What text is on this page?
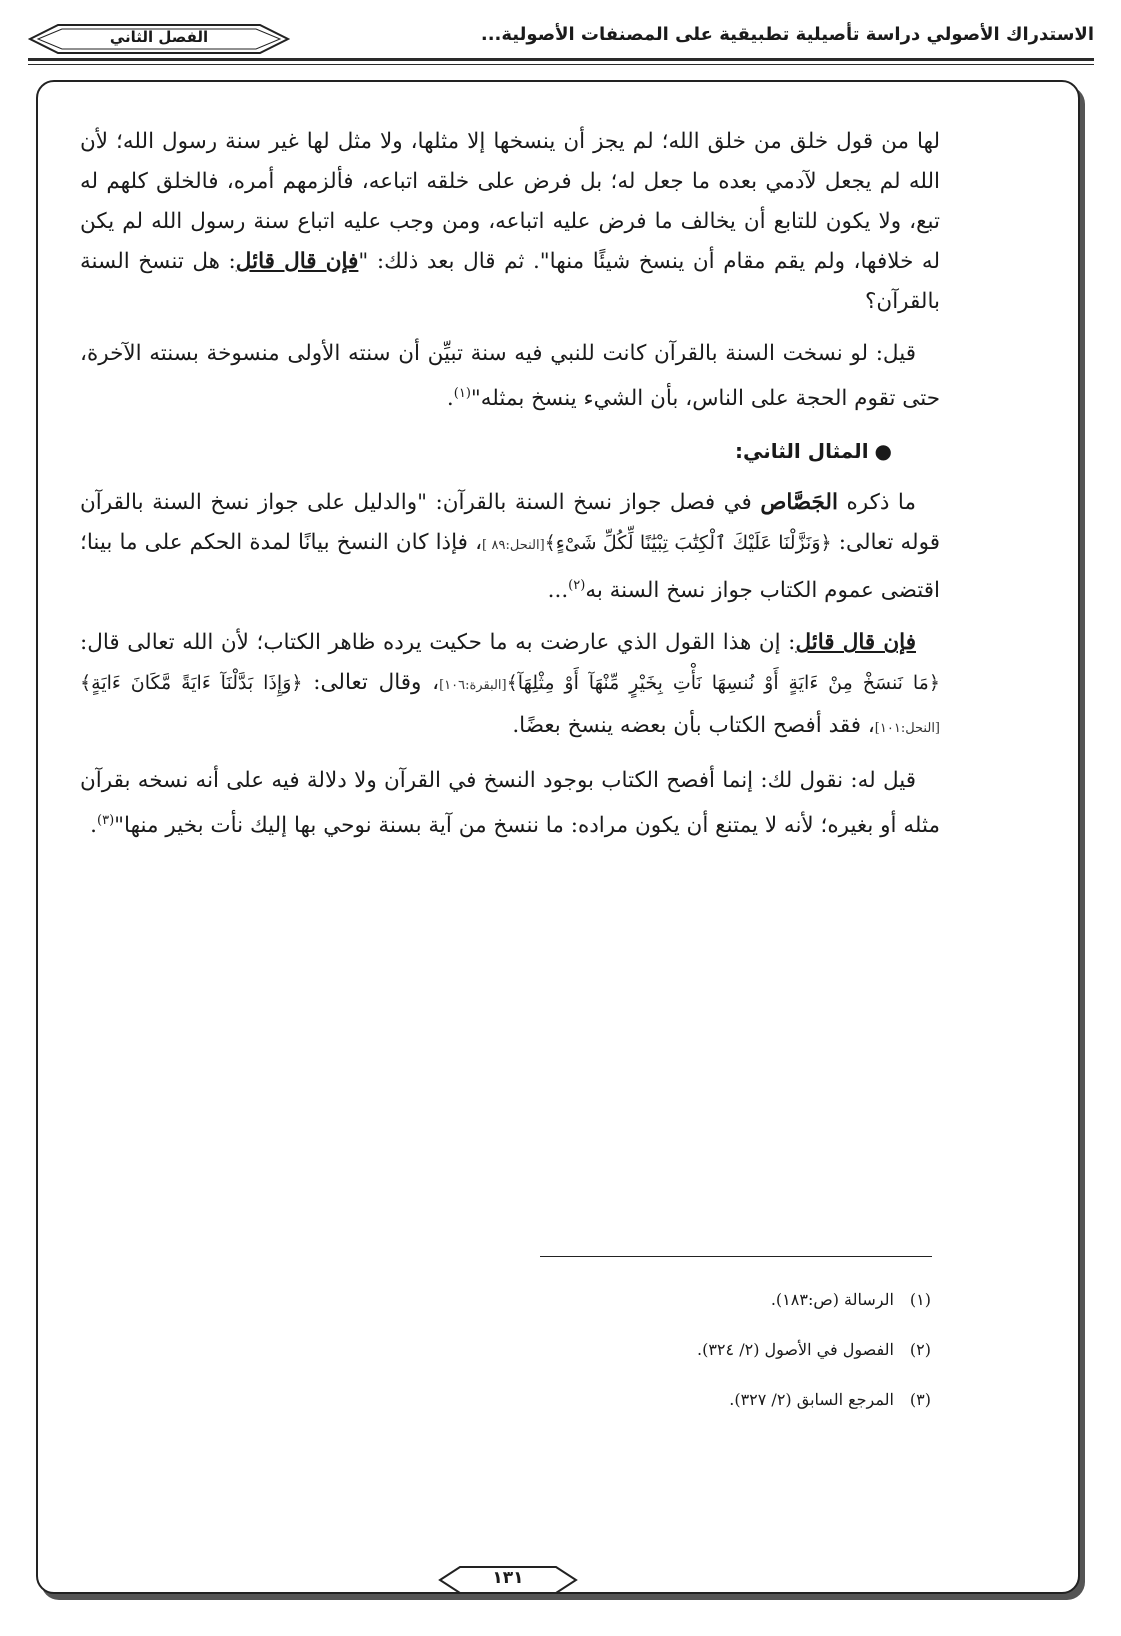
الاستدراك الأصولي دراسة تأصيلية تطبيقية على المصنفات الأصولية...
الفصل الثاني

لها من قول خلق من خلق الله؛ لم يجز أن ينسخها إلا مثلها، ولا مثل لها غير سنة رسول الله؛ لأن الله لم يجعل لآدمي بعده ما جعل له؛ بل فرض على خلقه اتباعه، فألزمهم أمره، فالخلق كلهم له تبع، ولا يكون للتابع أن يخالف ما فرض عليه اتباعه، ومن وجب عليه اتباع سنة رسول الله لم يكن له خلافها، ولم يقم مقام أن ينسخ شيئًا منها". ثم قال بعد ذلك: "فإن قال قائل: هل تنسخ السنة بالقرآن؟

قيل: لو نسخت السنة بالقرآن كانت للنبي فيه سنة تبيِّن أن سنته الأولى منسوخة بسنته الآخرة، حتى تقوم الحجة على الناس، بأن الشيء ينسخ بمثله"$^{(١)}$.

●المثال الثاني:

ما ذكره الجَصَّاص في فصل جواز نسخ السنة بالقرآن: "والدليل على جواز نسخ السنة بالقرآن قوله تعالى: ﴿وَنَزَّلْنَا عَلَيْكَ ٱلْكِتَٰبَ تِبْيَٰنًا لِّكُلِّ شَىْءٍ﴾[النحل:٨٩ ]، فإذا كان النسخ بيانًا لمدة الحكم على ما بينا؛ اقتضى عموم الكتاب جواز نسخ السنة به$^{(٢)}$...

فإن قال قائل: إن هذا القول الذي عارضت به ما حكيت يرده ظاهر الكتاب؛ لأن الله تعالى قال: ﴿مَا نَنسَخْ مِنْ ءَايَةٍ أَوْ نُنسِهَا نَأْتِ بِخَيْرٍ مِّنْهَآ أَوْ مِثْلِهَآ﴾[البقرة:١٠٦]، وقال تعالى: ﴿وَإِذَا بَدَّلْنَآ ءَايَةً مَّكَانَ ءَايَةٍ﴾[النحل:١٠١]، فقد أفصح الكتاب بأن بعضه ينسخ بعضًا.

قيل له: نقول لك: إنما أفصح الكتاب بوجود النسخ في القرآن ولا دلالة فيه على أنه نسخه بقرآن مثله أو بغيره؛ لأنه لا يمتنع أن يكون مراده: ما ننسخ من آية بسنة نوحي بها إليك نأت بخير منها"$^{(٣)}$.

(١)الرسالة (ص:١٨٣).
(٢)الفصول في الأصول (٢/ ٣٢٤).
(٣)المرجع السابق (٢/ ٣٢٧).
١٣١
